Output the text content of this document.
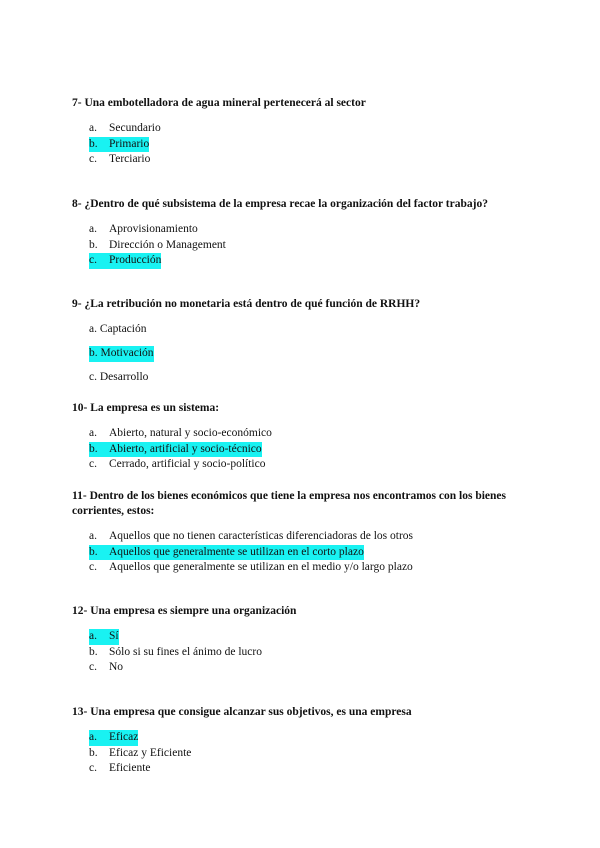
7- Una embotelladora de agua mineral pertenecerá al sector

a.	Secundario
b. Primario
c.	Terciario

8- ¿Dentro de qué subsistema de la empresa recae la organización del factor trabajo?

a.	Aprovisionamiento
b. Dirección o Management
c.	Producción

9- ¿La retribución no monetaria está dentro de qué función de RRHH?

a. Captación
b. Motivación
c. Desarrollo

10- La empresa es un sistema:

a.	Abierto, natural y socio-económico
b. Abierto, artificial y socio-técnico
c.	Cerrado, artificial y socio-político

11- Dentro de los bienes económicos que tiene la empresa nos encontramos con los bienes corrientes, estos:

a.	Aquellos que no tienen características diferenciadoras de los otros
b. Aquellos que generalmente se utilizan en el corto plazo
c.	Aquellos que generalmente se utilizan en el medio y/o largo plazo

12- Una empresa es siempre una organización

a.	Sí
b. Sólo si su fines el ánimo de lucro
c.	No

13- Una empresa que consigue alcanzar sus objetivos, es una empresa

a.	Eficaz
b. Eficaz y Eficiente
c.	Eficiente
